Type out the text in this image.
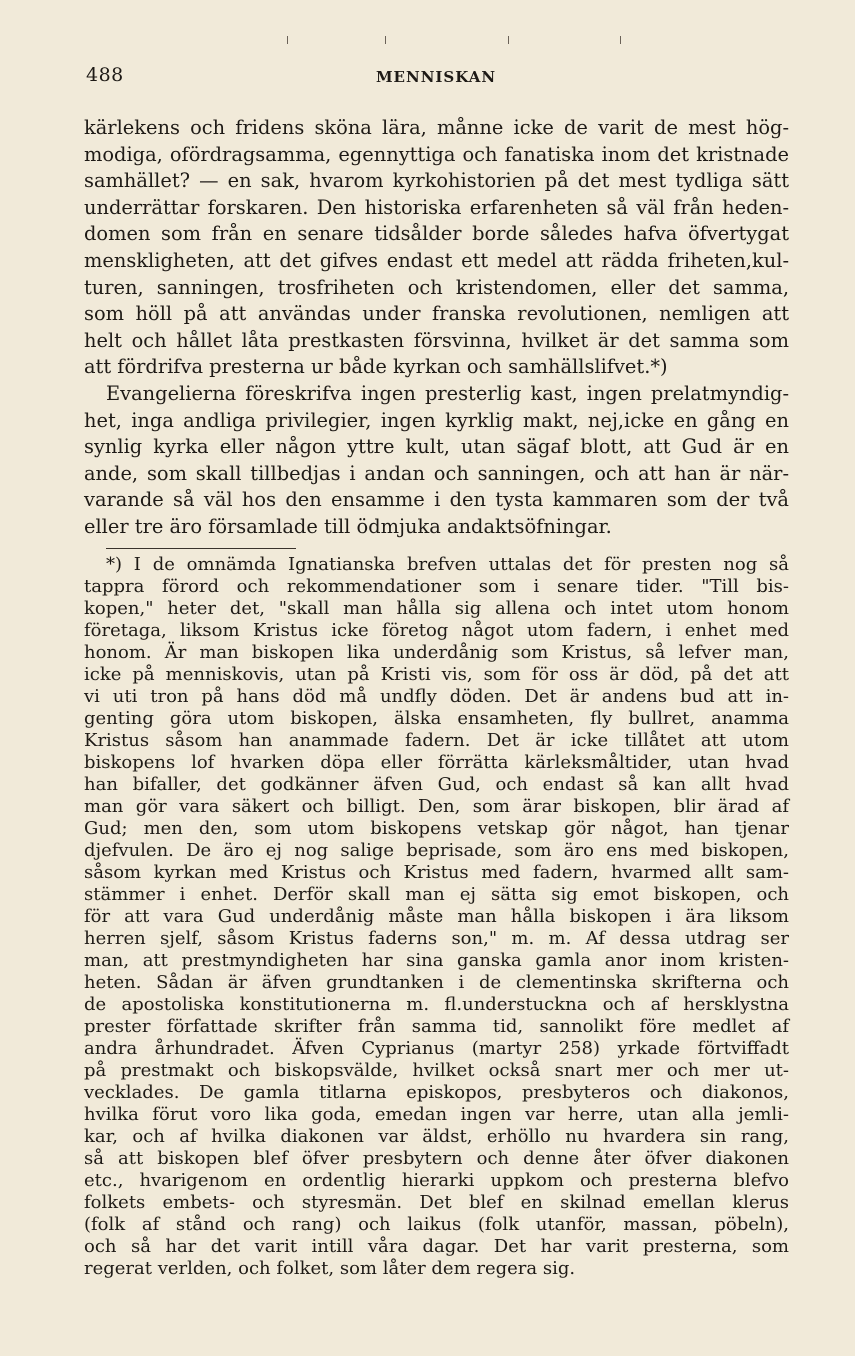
488	MENNISKAN
kärlekens och fridens sköna lära, månne icke de varit de mest hög-
modiga, ofördragsamma, egennyttiga och fanatiska inom det kristnade
samhället? — en sak, hvarom kyrkohistorien på det mest tydliga sätt
underrättar forskaren. Den historiska erfarenheten så väl från heden-
domen som från en senare tidsålder borde således hafva öfvertygat
menskligheten, att det gifves endast ett medel att rädda friheten,kul-
turen, sanningen, trosfriheten och kristendomen, eller det samma,
som höll på att användas under franska revolutionen, nemligen att
helt och hållet låta prestkasten försvinna, hvilket är det samma som
att fördrifva presterna ur både kyrkan och samhällslifvet.*)
Evangelierna föreskrifva ingen presterlig kast, ingen prelatmyndig-
het, inga andliga privilegier, ingen kyrklig makt, nej,icke en gång en
synlig kyrka eller någon yttre kult, utan sägaf blott, att Gud är en
ande, som skall tillbedjas i andan och sanningen, och att han är när-
varande så väl hos den ensamme i den tysta kammaren som der två
eller tre äro församlade till ödmjuka andaktsöfningar.
*) I de omnämda Ignatianska brefven uttalas det för presten nog så
tappra förord och rekommendationer som i senare tider. "Till bis-
kopen," heter det, "skall man hålla sig allena och intet utom honom
företaga, liksom Kristus icke företog något utom fadern, i enhet med
honom. Är man biskopen lika underdånig som Kristus, så lefver man,
icke på menniskovis, utan på Kristi vis, som för oss är död, på det att
vi uti tron på hans död må undfly döden. Det är andens bud att in-
genting göra utom biskopen, älska ensamheten, fly bullret, anamma
Kristus såsom han anammade fadern. Det är icke tillåtet att utom
biskopens lof hvarken döpa eller förrätta kärleksmåltider, utan hvad
han bifaller, det godkänner äfven Gud, och endast så kan allt hvad
man gör vara säkert och billigt. Den, som ärar biskopen, blir ärad af
Gud; men den, som utom biskopens vetskap gör något, han tjenar
djefvulen. De äro ej nog salige beprisade, som äro ens med biskopen,
såsom kyrkan med Kristus och Kristus med fadern, hvarmed allt sam-
stämmer i enhet. Derför skall man ej sätta sig emot biskopen, och
för att vara Gud underdånig måste man hålla biskopen i ära liksom
herren sjelf, såsom Kristus faderns son," m. m. Af dessa utdrag ser
man, att prestmyndigheten har sina ganska gamla anor inom kristen-
heten. Sådan är äfven grundtanken i de clementinska skrifterna och
de apostoliska konstitutionerna m. fl.understuckna och af hersklystna
prester författade skrifter från samma tid, sannolikt före medlet af
andra århundradet. Äfven Cyprianus (martyr 258) yrkade förtviffadt
på prestmakt och biskopsvälde, hvilket också snart mer och mer ut-
vecklades. De gamla titlarna episkopos, presbyteros och diakonos,
hvilka förut voro lika goda, emedan ingen var herre, utan alla jemli-
kar, och af hvilka diakonen var äldst, erhöllo nu hvardera sin rang,
så att biskopen blef öfver presbytern och denne åter öfver diakonen
etc., hvarigenom en ordentlig hierarki uppkom och presterna blefvo
folkets embets- och styresmän. Det blef en skilnad emellan klerus
(folk af stånd och rang) och laikus (folk utanför, massan, pöbeln),
och så har det varit intill våra dagar. Det har varit presterna, som
regerat verlden, och folket, som låter dem regera sig.
